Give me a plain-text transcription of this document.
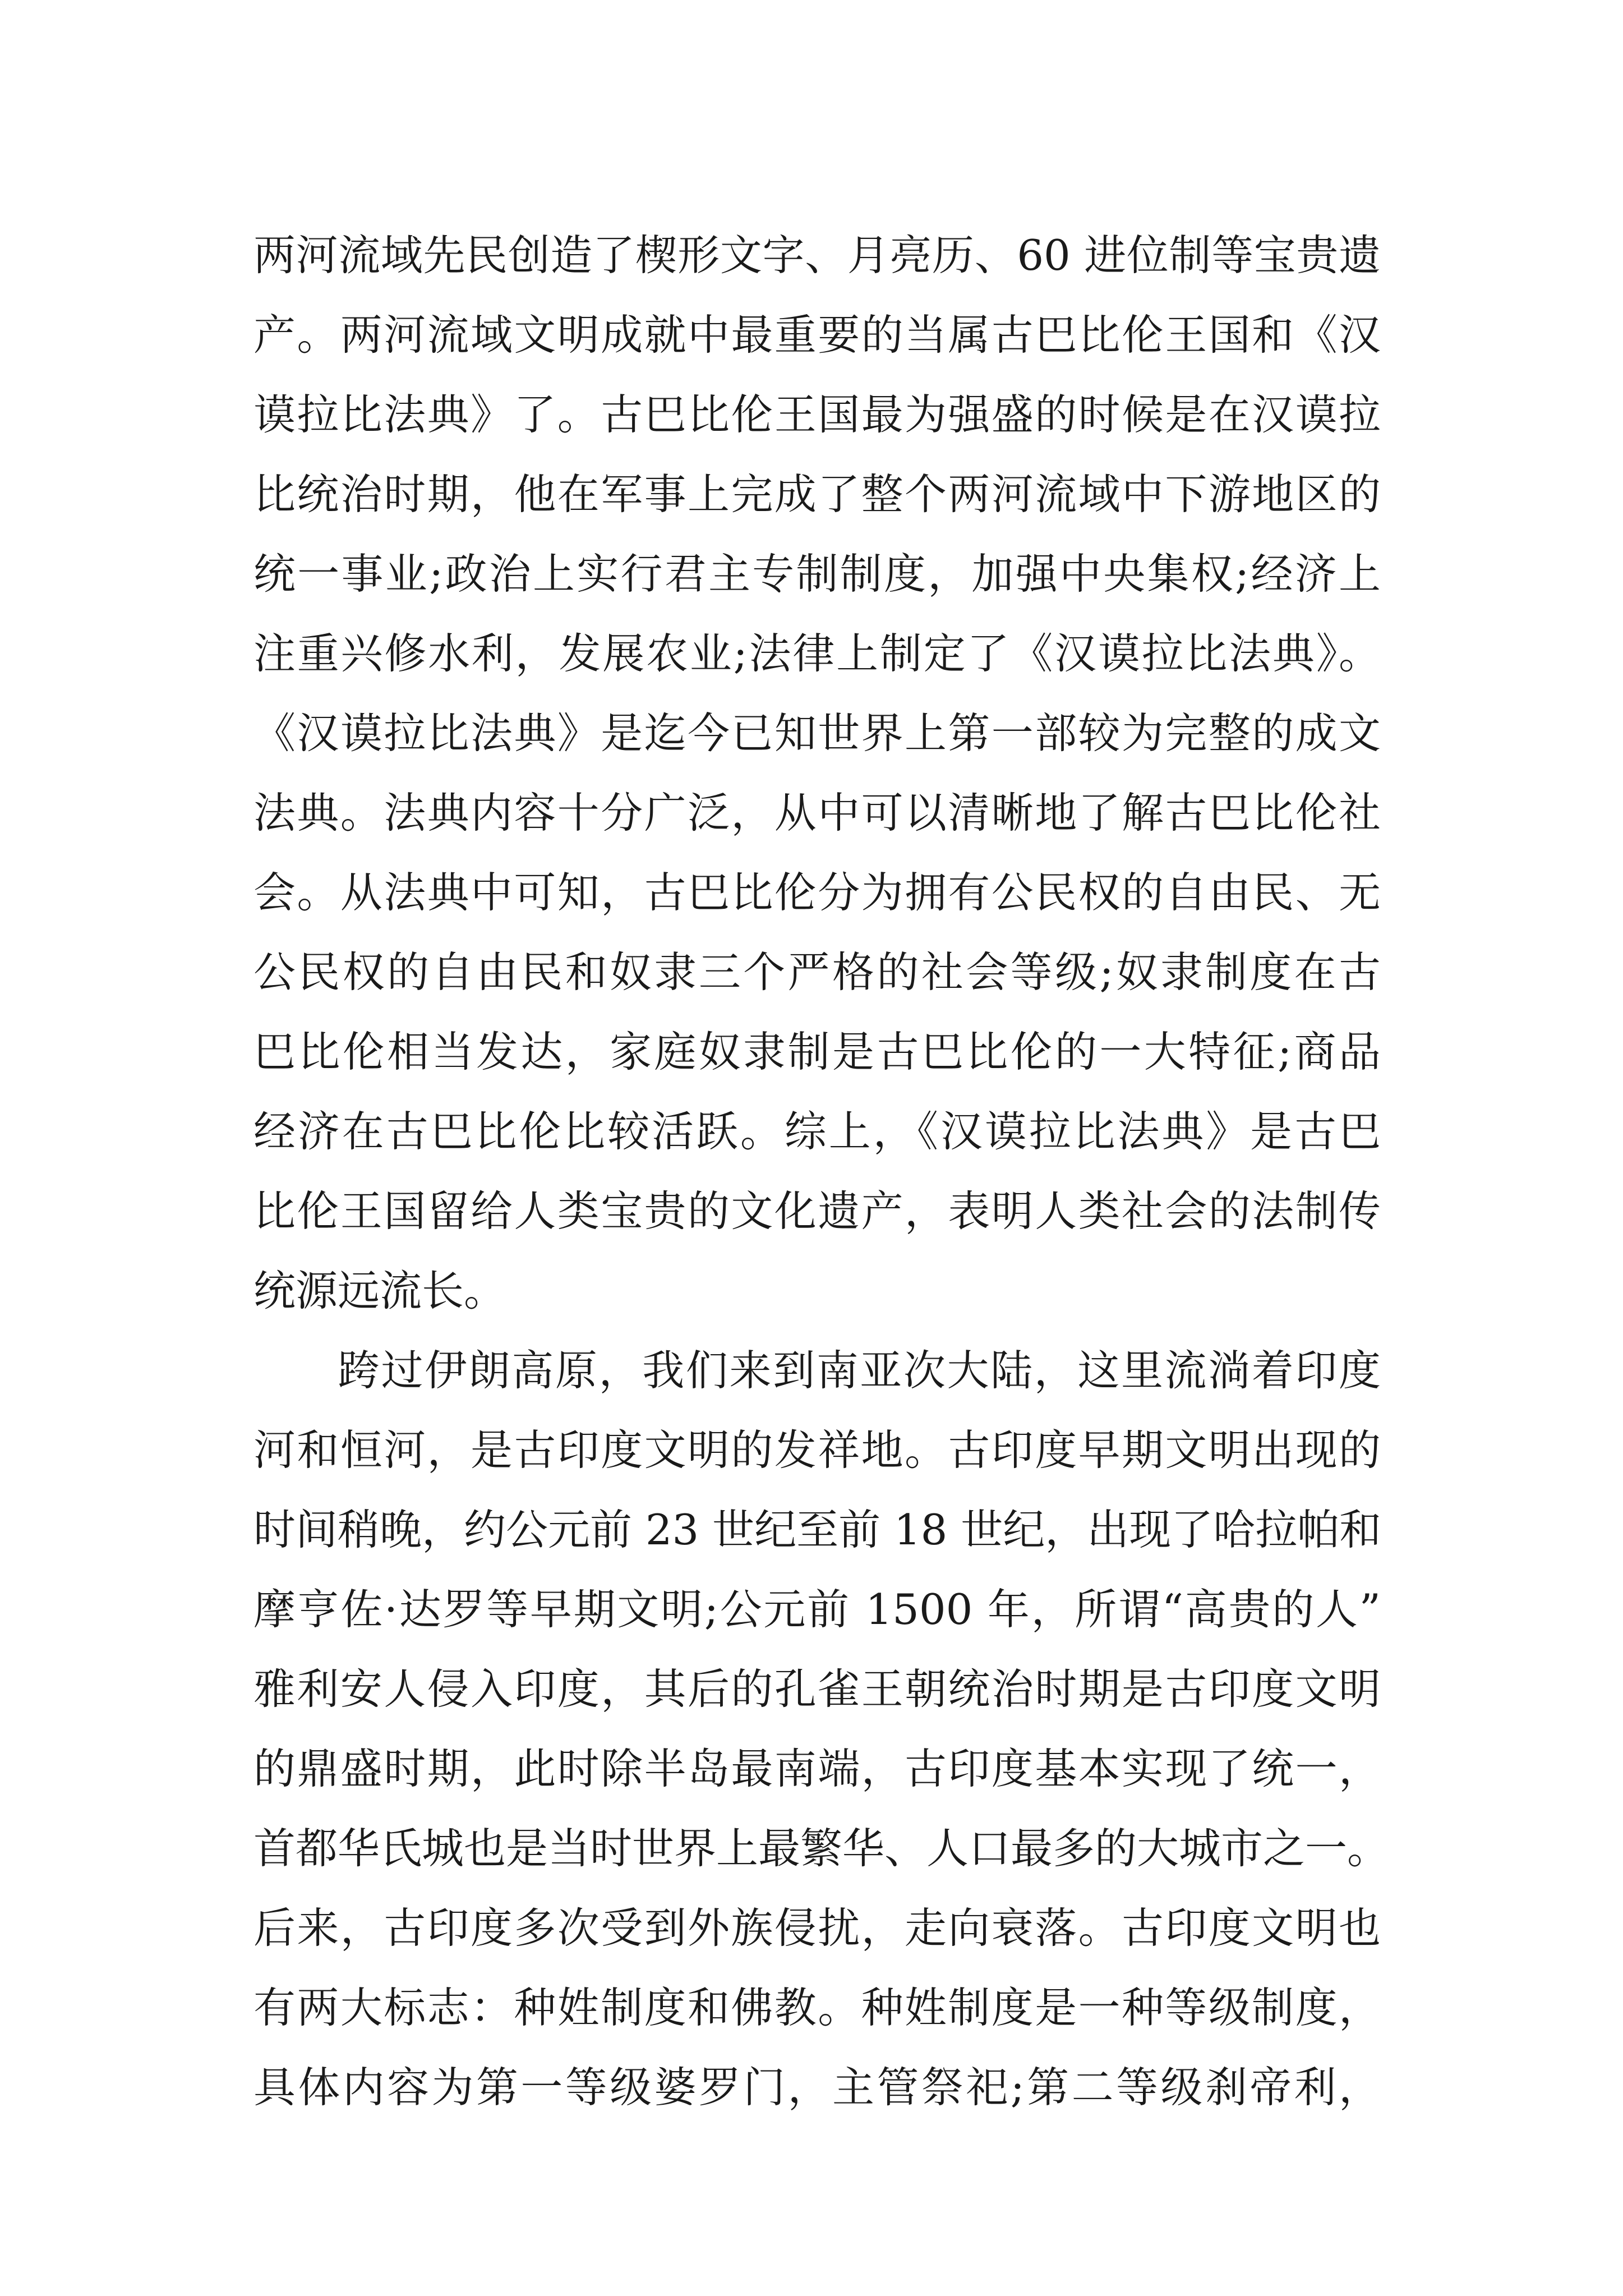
两河流域先民创造了楔形文字、月亮历、60 进位制等宝贵遗
产。两河流域文明成就中最重要的当属古巴比伦王国和《汉
谟拉比法典》了。古巴比伦王国最为强盛的时候是在汉谟拉
比统治时期，他在军事上完成了整个两河流域中下游地区的
统一事业;政治上实行君主专制制度，加强中央集权;经济上
注重兴修水利，发展农业;法律上制定了《汉谟拉比法典》。
《汉谟拉比法典》是迄今已知世界上第一部较为完整的成文
法典。法典内容十分广泛，从中可以清晰地了解古巴比伦社
会。从法典中可知，古巴比伦分为拥有公民权的自由民、无
公民权的自由民和奴隶三个严格的社会等级;奴隶制度在古
巴比伦相当发达，家庭奴隶制是古巴比伦的一大特征;商品
经济在古巴比伦比较活跃。综上，《汉谟拉比法典》是古巴
比伦王国留给人类宝贵的文化遗产，表明人类社会的法制传
统源远流长。
跨过伊朗高原，我们来到南亚次大陆，这里流淌着印度
河和恒河，是古印度文明的发祥地。古印度早期文明出现的
时间稍晚，约公元前 23 世纪至前 18 世纪，出现了哈拉帕和
摩亨佐·达罗等早期文明;公元前 1500 年，所谓“高贵的人”
雅利安人侵入印度，其后的孔雀王朝统治时期是古印度文明
的鼎盛时期，此时除半岛最南端，古印度基本实现了统一，
首都华氏城也是当时世界上最繁华、人口最多的大城市之一。
后来，古印度多次受到外族侵扰，走向衰落。古印度文明也
有两大标志：种姓制度和佛教。种姓制度是一种等级制度，
具体内容为第一等级婆罗门，主管祭祀;第二等级刹帝利，
